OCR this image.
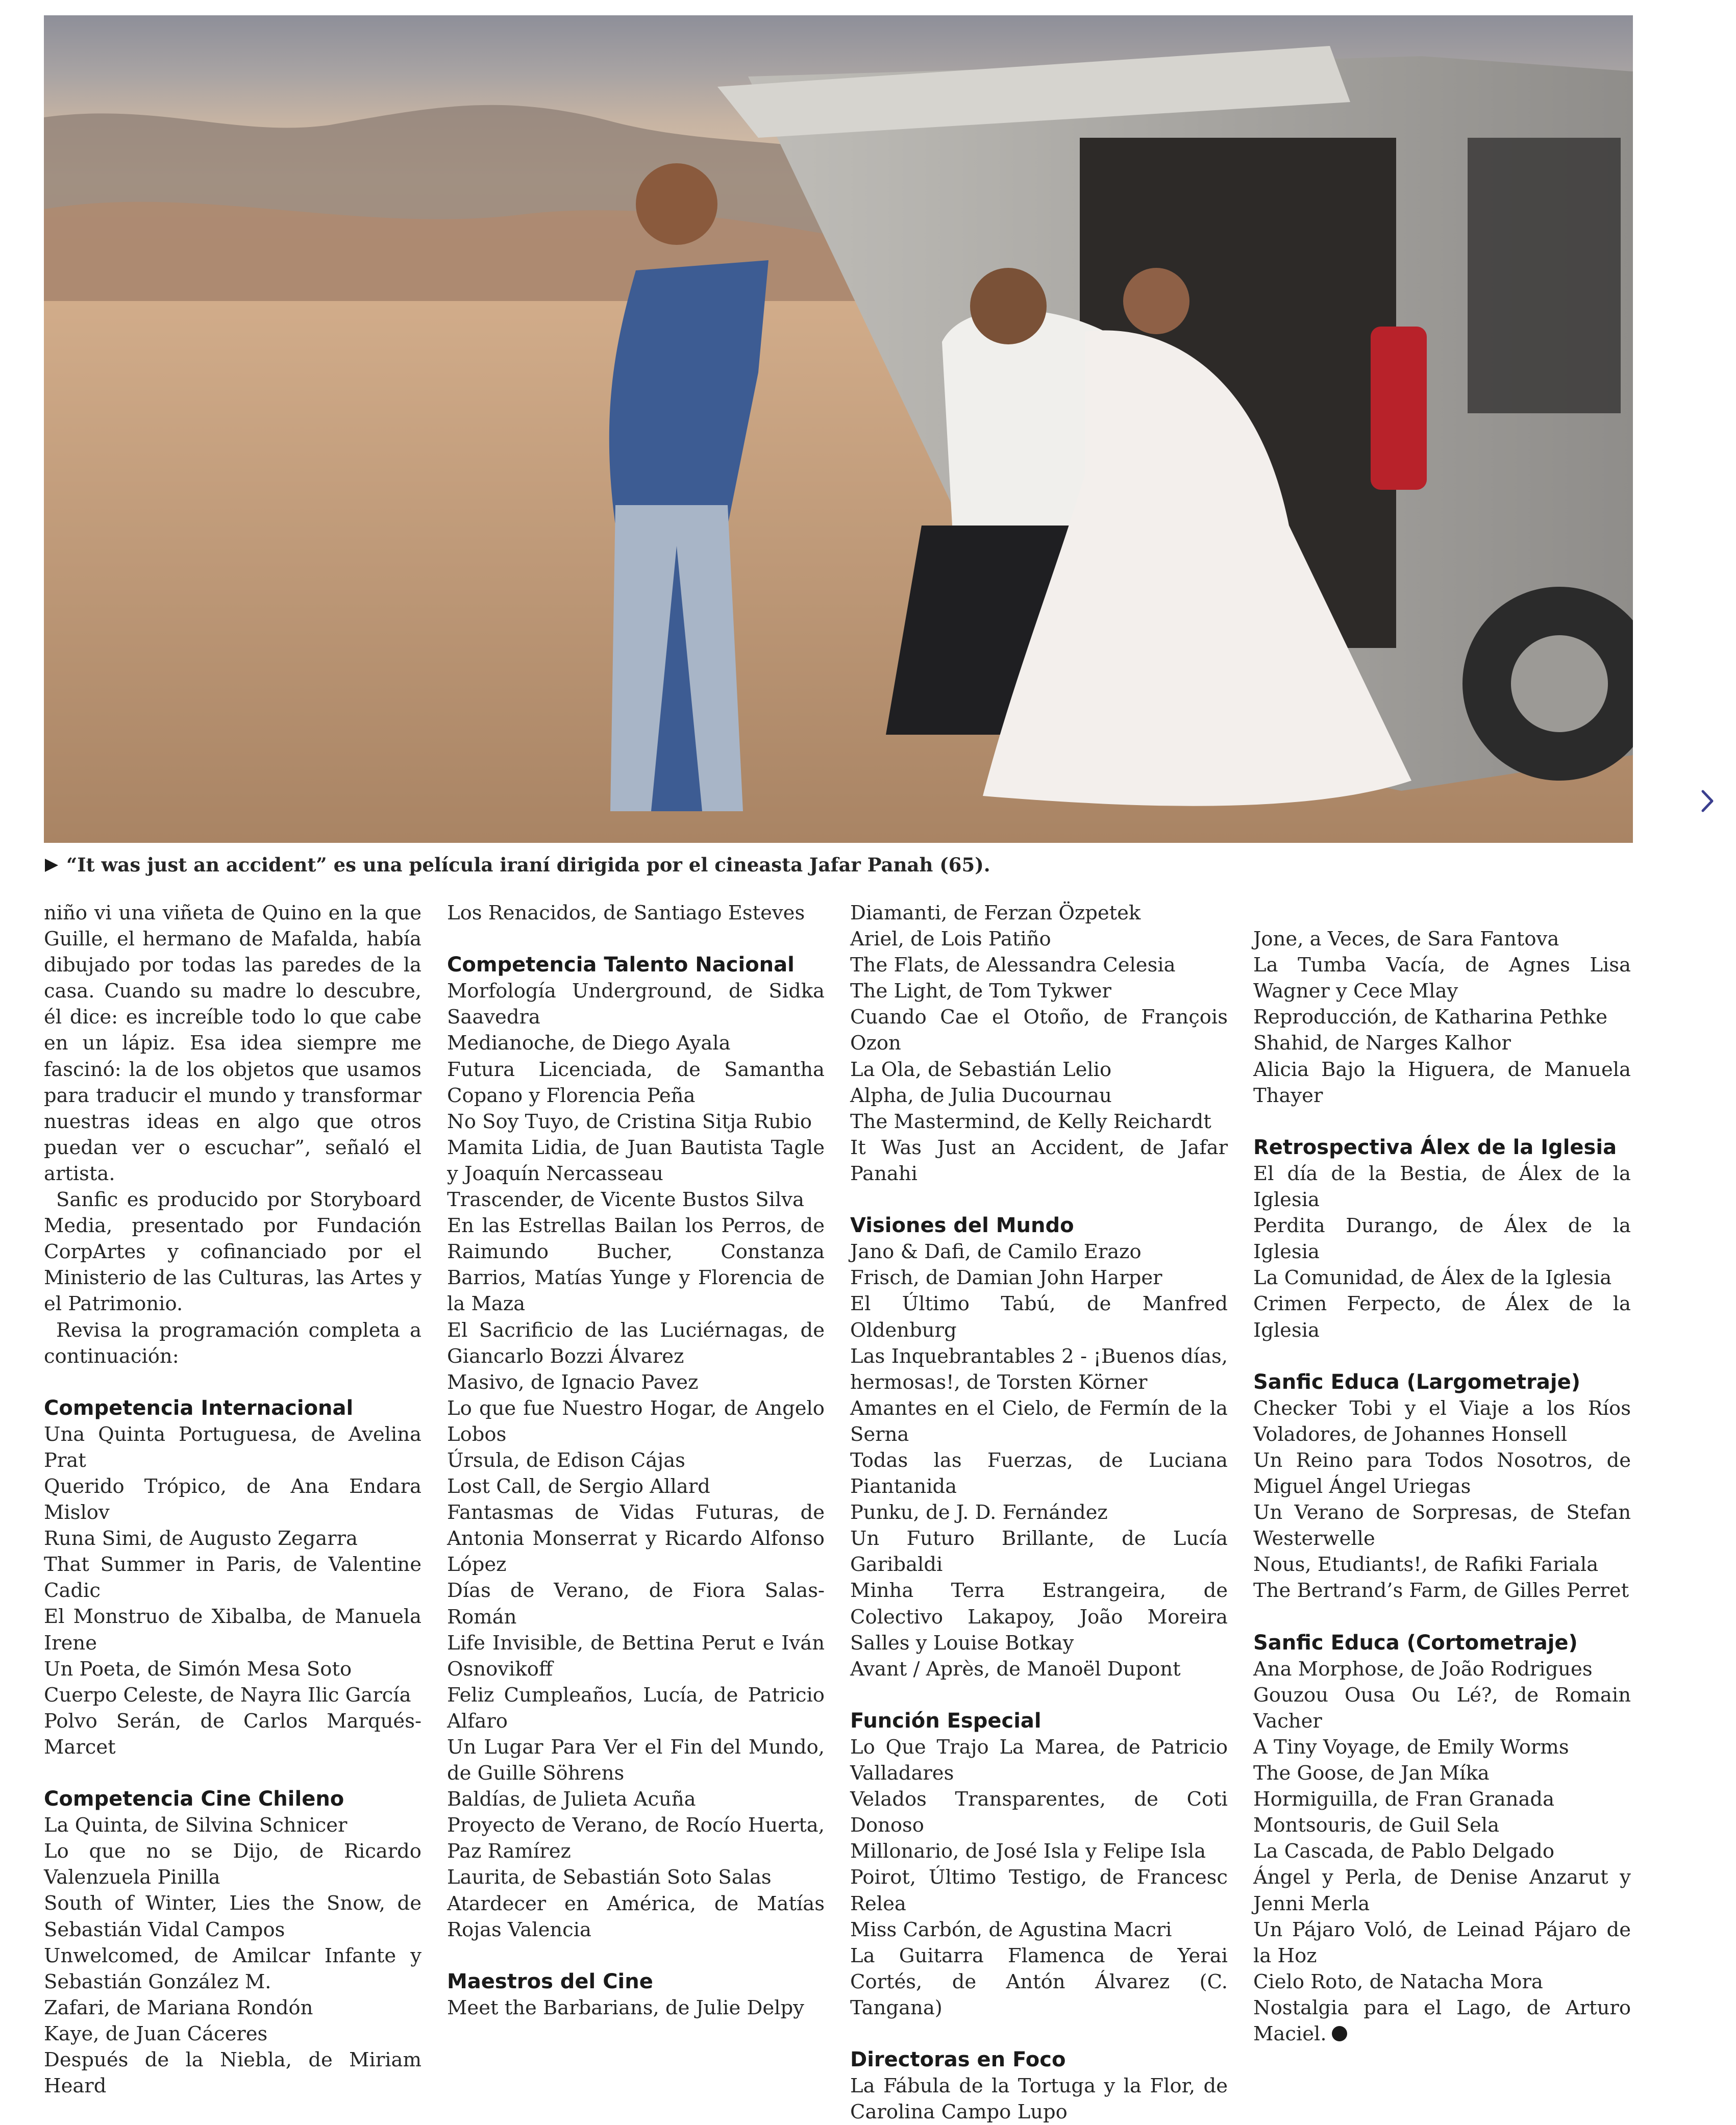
“It was just an accident” es una película iraní dirigida por el cineasta Jafar Panah (65).

niño vi una viñeta de Quino en la que Guille, el hermano de Mafalda, había dibujado por todas las paredes de la casa. Cuando su madre lo descubre, él dice: es increíble todo lo que cabe en un lápiz. Esa idea siempre me fascinó: la de los objetos que usamos para traducir el mundo y transformar nuestras ideas en algo que otros puedan ver o escuchar”, señaló el artista.

Sanfic es producido por Storyboard Media, presentado por Fundación CorpArtes y cofinanciado por el Ministerio de las Culturas, las Artes y el Patrimonio.

Revisa la programación completa a continuación:

Competencia Internacional
Una Quinta Portuguesa, de Avelina Prat
Querido Trópico, de Ana Endara Mislov
Runa Simi, de Augusto Zegarra
That Summer in Paris, de Valentine Cadic
El Monstruo de Xibalba, de Manuela Irene
Un Poeta, de Simón Mesa Soto
Cuerpo Celeste, de Nayra Ilic García
Polvo Serán, de Carlos Marqués-Marcet
Competencia Cine Chileno
La Quinta, de Silvina Schnicer
Lo que no se Dijo, de Ricardo Valenzuela Pinilla
South of Winter, Lies the Snow, de Sebastián Vidal Campos
Unwelcomed, de Amilcar Infante y Sebastián González M.
Zafari, de Mariana Rondón
Kaye, de Juan Cáceres
Después de la Niebla, de Miriam Heard
Los Renacidos, de Santiago Esteves
Competencia Talento Nacional
Morfología Underground, de Sidka Saavedra
Medianoche, de Diego Ayala
Futura Licenciada, de Samantha Copano y Florencia Peña
No Soy Tuyo, de Cristina Sitja Rubio
Mamita Lidia, de Juan Bautista Tagle y Joaquín Nercasseau
Trascender, de Vicente Bustos Silva
En las Estrellas Bailan los Perros, de Raimundo Bucher, Constanza Barrios, Matías Yunge y Florencia de la Maza
El Sacrificio de las Luciérnagas, de Giancarlo Bozzi Álvarez
Masivo, de Ignacio Pavez
Lo que fue Nuestro Hogar, de Angelo Lobos
Úrsula, de Edison Cájas
Lost Call, de Sergio Allard
Fantasmas de Vidas Futuras, de Antonia Monserrat y Ricardo Alfonso López
Días de Verano, de Fiora Salas-Román
Life Invisible, de Bettina Perut e Iván Osnovikoff
Feliz Cumpleaños, Lucía, de Patricio Alfaro
Un Lugar Para Ver el Fin del Mundo, de Guille Söhrens
Baldías, de Julieta Acuña
Proyecto de Verano, de Rocío Huerta, Paz Ramírez
Laurita, de Sebastián Soto Salas
Atardecer en América, de Matías Rojas Valencia
Maestros del Cine
Meet the Barbarians, de Julie Delpy
Diamanti, de Ferzan Özpetek
Ariel, de Lois Patiño
The Flats, de Alessandra Celesia
The Light, de Tom Tykwer
Cuando Cae el Otoño, de François Ozon
La Ola, de Sebastián Lelio
Alpha, de Julia Ducournau
The Mastermind, de Kelly Reichardt
It Was Just an Accident, de Jafar Panahi
Visiones del Mundo
Jano & Dafi, de Camilo Erazo
Frisch, de Damian John Harper
El Último Tabú, de Manfred Oldenburg
Las Inquebrantables 2 - ¡Buenos días, hermosas!, de Torsten Körner
Amantes en el Cielo, de Fermín de la Serna
Todas las Fuerzas, de Luciana Piantanida
Punku, de J. D. Fernández
Un Futuro Brillante, de Lucía Garibaldi
Minha Terra Estrangeira, de Colectivo Lakapoy, João Moreira Salles y Louise Botkay
Avant / Après, de Manoël Dupont
Función Especial
Lo Que Trajo La Marea, de Patricio Valladares
Velados Transparentes, de Coti Donoso
Millonario, de José Isla y Felipe Isla
Poirot, Último Testigo, de Francesc Relea
Miss Carbón, de Agustina Macri
La Guitarra Flamenca de Yerai Cortés, de Antón Álvarez (C. Tangana)
Directoras en Foco
La Fábula de la Tortuga y la Flor, de Carolina Campo Lupo
Jone, a Veces, de Sara Fantova
La Tumba Vacía, de Agnes Lisa Wagner y Cece Mlay
Reproducción, de Katharina Pethke
Shahid, de Narges Kalhor
Alicia Bajo la Higuera, de Manuela Thayer
Retrospectiva Álex de la Iglesia
El día de la Bestia, de Álex de la Iglesia
Perdita Durango, de Álex de la Iglesia
La Comunidad, de Álex de la Iglesia
Crimen Ferpecto, de Álex de la Iglesia
Sanfic Educa (Largometraje)
Checker Tobi y el Viaje a los Ríos Voladores, de Johannes Honsell
Un Reino para Todos Nosotros, de Miguel Ángel Uriegas
Un Verano de Sorpresas, de Stefan Westerwelle
Nous, Etudiants!, de Rafiki Fariala
The Bertrand’s Farm, de Gilles Perret
Sanfic Educa (Cortometraje)
Ana Morphose, de João Rodrigues
Gouzou Ousa Ou Lé?, de Romain Vacher
A Tiny Voyage, de Emily Worms
The Goose, de Jan Míka
Hormiguilla, de Fran Granada
Montsouris, de Guil Sela
La Cascada, de Pablo Delgado
Ángel y Perla, de Denise Anzarut y Jenni Merla
Un Pájaro Voló, de Leinad Pájaro de la Hoz
Cielo Roto, de Natacha Mora
Nostalgia para el Lago, de Arturo Maciel.
